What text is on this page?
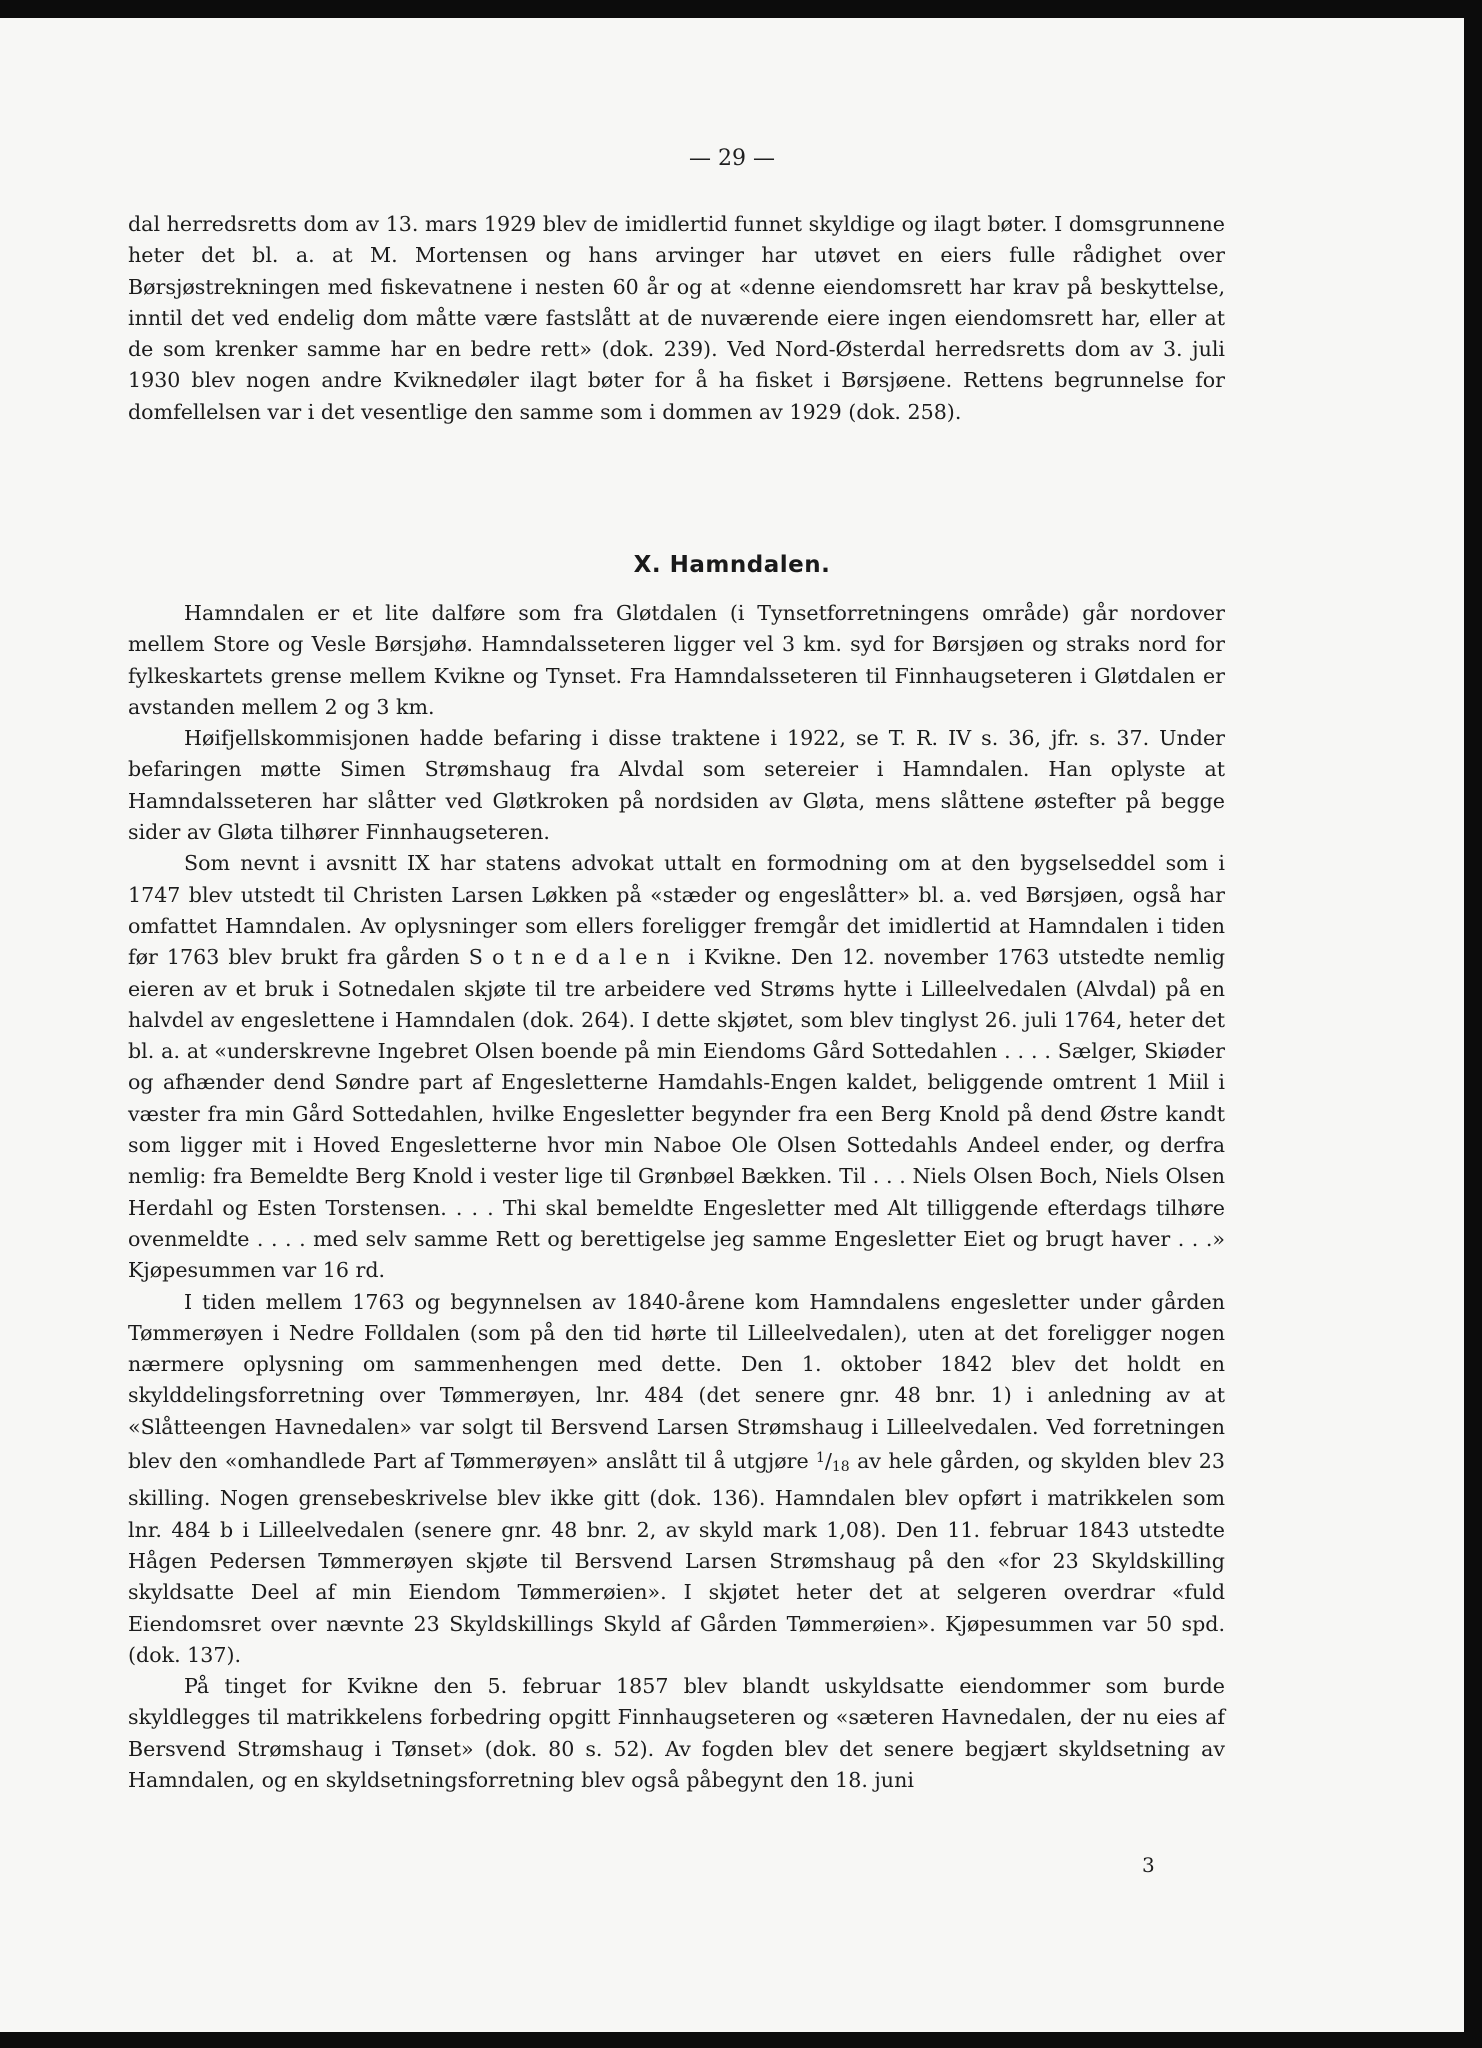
— 29 —

dal herredsretts dom av 13. mars 1929 blev de imidlertid funnet skyldige og ilagt bøter. I domsgrunnene heter det bl. a. at M. Mortensen og hans arvinger har utøvet en eiers fulle rådighet over Børsjøstrekningen med fiskevatnene i nesten 60 år og at «denne eiendomsrett har krav på beskyttelse, inntil det ved endelig dom måtte være fastslått at de nuværende eiere ingen eiendomsrett har, eller at de som krenker samme har en bedre rett» (dok. 239). Ved Nord-Østerdal herredsretts dom av 3. juli 1930 blev nogen andre Kviknedøler ilagt bøter for å ha fisket i Børsjøene. Rettens begrunnelse for domfellelsen var i det vesentlige den samme som i dommen av 1929 (dok. 258).

X. Hamndalen.

Hamndalen er et lite dalføre som fra Gløtdalen (i Tynsetforretningens område) går nordover mellem Store og Vesle Børsjøhø. Hamndalsseteren ligger vel 3 km. syd for Børsjøen og straks nord for fylkeskartets grense mellem Kvikne og Tynset. Fra Hamndalsseteren til Finnhaugseteren i Gløtdalen er avstanden mellem 2 og 3 km.

Høifjellskommisjonen hadde befaring i disse traktene i 1922, se T. R. IV s. 36, jfr. s. 37. Under befaringen møtte Simen Strømshaug fra Alvdal som setereier i Hamndalen. Han oplyste at Hamndalsseteren har slåtter ved Gløtkroken på nordsiden av Gløta, mens slåttene østefter på begge sider av Gløta tilhører Finnhaugseteren.

Som nevnt i avsnitt IX har statens advokat uttalt en formodning om at den bygselseddel som i 1747 blev utstedt til Christen Larsen Løkken på «stæder og engeslåtter» bl. a. ved Børsjøen, også har omfattet Hamndalen. Av oplysninger som ellers foreligger fremgår det imidlertid at Hamndalen i tiden før 1763 blev brukt fra gården Sotnedalen i Kvikne. Den 12. november 1763 utstedte nemlig eieren av et bruk i Sotnedalen skjøte til tre arbeidere ved Strøms hytte i Lilleelvedalen (Alvdal) på en halvdel av engeslettene i Hamndalen (dok. 264). I dette skjøtet, som blev tinglyst 26. juli 1764, heter det bl. a. at «underskrevne Ingebret Olsen boende på min Eiendoms Gård Sottedahlen . . . . Sælger, Skiøder og afhænder dend Søndre part af Engesletterne Hamdahls-Engen kaldet, beliggende omtrent 1 Miil i væster fra min Gård Sottedahlen, hvilke Engesletter begynder fra een Berg Knold på dend Østre kandt som ligger mit i Hoved Engesletterne hvor min Naboe Ole Olsen Sottedahls Andeel ender, og derfra nemlig: fra Bemeldte Berg Knold i vester lige til Grønbøel Bækken. Til . . . Niels Olsen Boch, Niels Olsen Herdahl og Esten Torstensen. . . . Thi skal bemeldte Engesletter med Alt tilliggende efterdags tilhøre ovenmeldte . . . . med selv samme Rett og berettigelse jeg samme Engesletter Eiet og brugt haver . . .» Kjøpesummen var 16 rd.

I tiden mellem 1763 og begynnelsen av 1840-årene kom Hamndalens engesletter under gården Tømmerøyen i Nedre Folldalen (som på den tid hørte til Lilleelvedalen), uten at det foreligger nogen nærmere oplysning om sammenhengen med dette. Den 1. oktober 1842 blev det holdt en skylddelingsforretning over Tømmerøyen, lnr. 484 (det senere gnr. 48 bnr. 1) i anledning av at «Slåtteengen Havnedalen» var solgt til Bersvend Larsen Strømshaug i Lilleelvedalen. Ved forretningen blev den «omhandlede Part af Tømmerøyen» anslått til å utgjøre $^1/_{18}$ av hele gården, og skylden blev 23 skilling. Nogen grensebeskrivelse blev ikke gitt (dok. 136). Hamndalen blev opført i matrikkelen som lnr. 484 b i Lilleelvedalen (senere gnr. 48 bnr. 2, av skyld mark 1,08). Den 11. februar 1843 utstedte Hågen Pedersen Tømmerøyen skjøte til Bersvend Larsen Strømshaug på den «for 23 Skyldskilling skyldsatte Deel af min Eiendom Tømmerøien». I skjøtet heter det at selgeren overdrar «fuld Eiendomsret over nævnte 23 Skyldskillings Skyld af Gården Tømmerøien». Kjøpesummen var 50 spd. (dok. 137).

På tinget for Kvikne den 5. februar 1857 blev blandt uskyldsatte eiendommer som burde skyldlegges til matrikkelens forbedring opgitt Finnhaugseteren og «sæteren Havnedalen, der nu eies af Bersvend Strømshaug i Tønset» (dok. 80 s. 52). Av fogden blev det senere begjært skyldsetning av Hamndalen, og en skyldsetningsforretning blev også påbegynt den 18. juni

3
